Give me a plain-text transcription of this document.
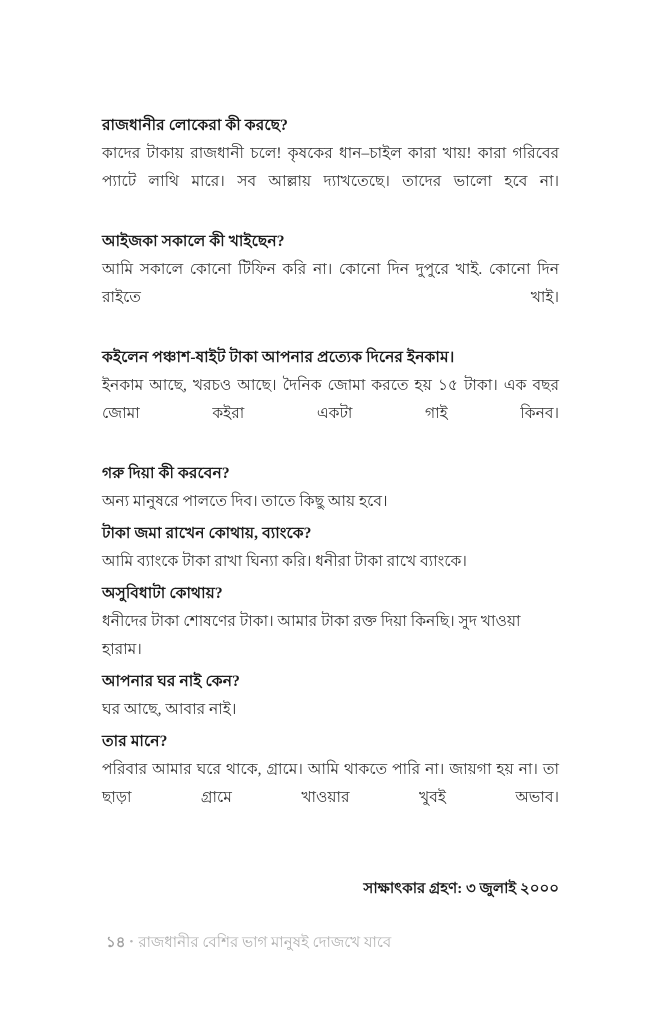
রাজধানীর লোকেরা কী করছে?

কাদের টাকায় রাজধানী চলে! কৃষকের ধান–চাইল কারা খায়! কারা গরিবের প্যাটে লাথি মারে। সব আল্লায় দ্যাখতেছে। তাদের ভালো হবে না।

আইজকা সকালে কী খাইছেন?

আমি সকালে কোনো টিফিন করি না। কোনো দিন দুপুরে খাই. কোনো দিন রাইতে খাই।

কইলেন পঞ্চাশ-ষাইট টাকা আপনার প্রত্যেক দিনের ইনকাম।

ইনকাম আছে, খরচও আছে। দৈনিক জোমা করতে হয় ১৫ টাকা। এক বছর জোমা কইরা একটা গাই কিনব।

গরু দিয়া কী করবেন?

অন্য মানুষরে পালতে দিব। তাতে কিছু আয় হবে।

টাকা জমা রাখেন কোথায়, ব্যাংকে?

আমি ব্যাংকে টাকা রাখা ঘিন্যা করি। ধনীরা টাকা রাখে ব্যাংকে।

অসুবিধাটা কোথায়?

ধনীদের টাকা শোষণের টাকা। আমার টাকা রক্ত দিয়া কিনছি। সুদ খাওয়া হারাম।

আপনার ঘর নাই কেন?

ঘর আছে, আবার নাই।

তার মানে?

পরিবার আমার ঘরে থাকে, গ্রামে। আমি থাকতে পারি না। জায়গা হয় না। তা ছাড়া গ্রামে খাওয়ার খুবই অভাব।

সাক্ষাৎকার গ্রহণ: ৩ জুলাই ২০০০

১৪ • রাজধানীর বেশির ভাগ মানুষই দোজখে যাবে
